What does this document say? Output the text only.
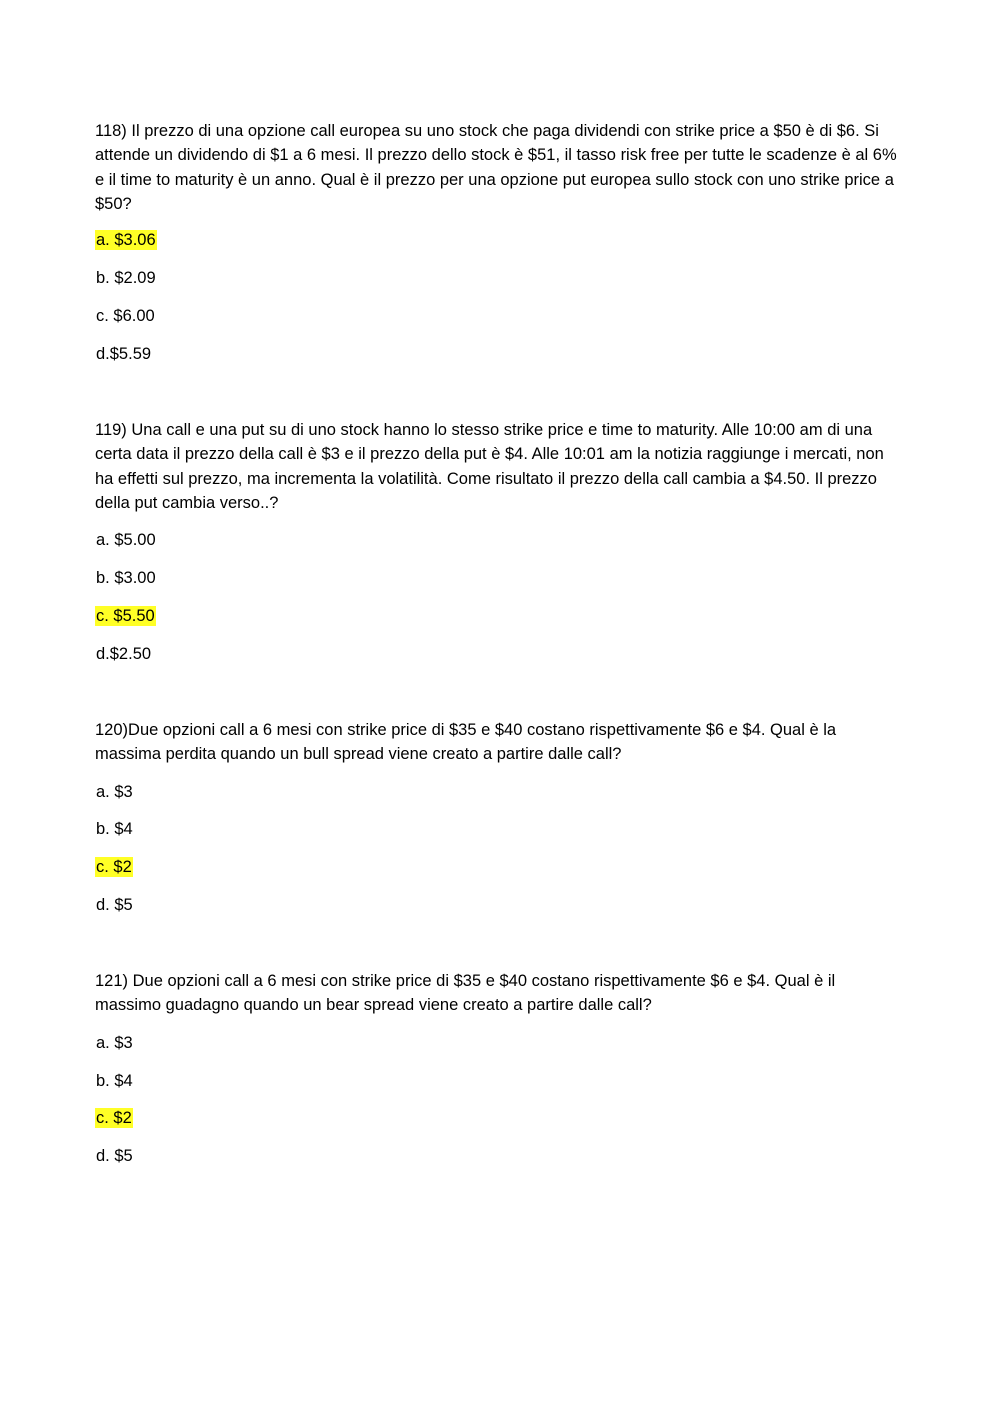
118) Il prezzo di una opzione call europea su uno stock che paga dividendi con strike price a $50 è di $6. Si attende un dividendo di $1 a 6 mesi. Il prezzo dello stock è $51, il tasso risk free per tutte le scadenze è al 6% e il time to maturity è un anno. Qual è il prezzo per una opzione put europea sullo stock con uno strike price a $50?

a. $3.06
b. $2.09
c. $6.00
d.$5.59

119) Una call e una put su di uno stock hanno lo stesso strike price e time to maturity. Alle 10:00 am di una certa data il prezzo della call è $3 e il prezzo della put è $4. Alle 10:01 am la notizia raggiunge i mercati, non ha effetti sul prezzo, ma incrementa la volatilità. Come risultato il prezzo della call cambia a $4.50. Il prezzo della put cambia verso..?

a. $5.00
b. $3.00
c. $5.50
d.$2.50

120)Due opzioni call a 6 mesi con strike price di $35 e $40 costano rispettivamente $6 e $4. Qual è la massima perdita quando un bull spread viene creato a partire dalle call?

a. $3
b. $4
c. $2
d. $5

121) Due opzioni call a 6 mesi con strike price di $35 e $40 costano rispettivamente $6 e $4. Qual è il massimo guadagno quando un bear spread viene creato a partire dalle call?

a. $3
b. $4
c. $2
d. $5
